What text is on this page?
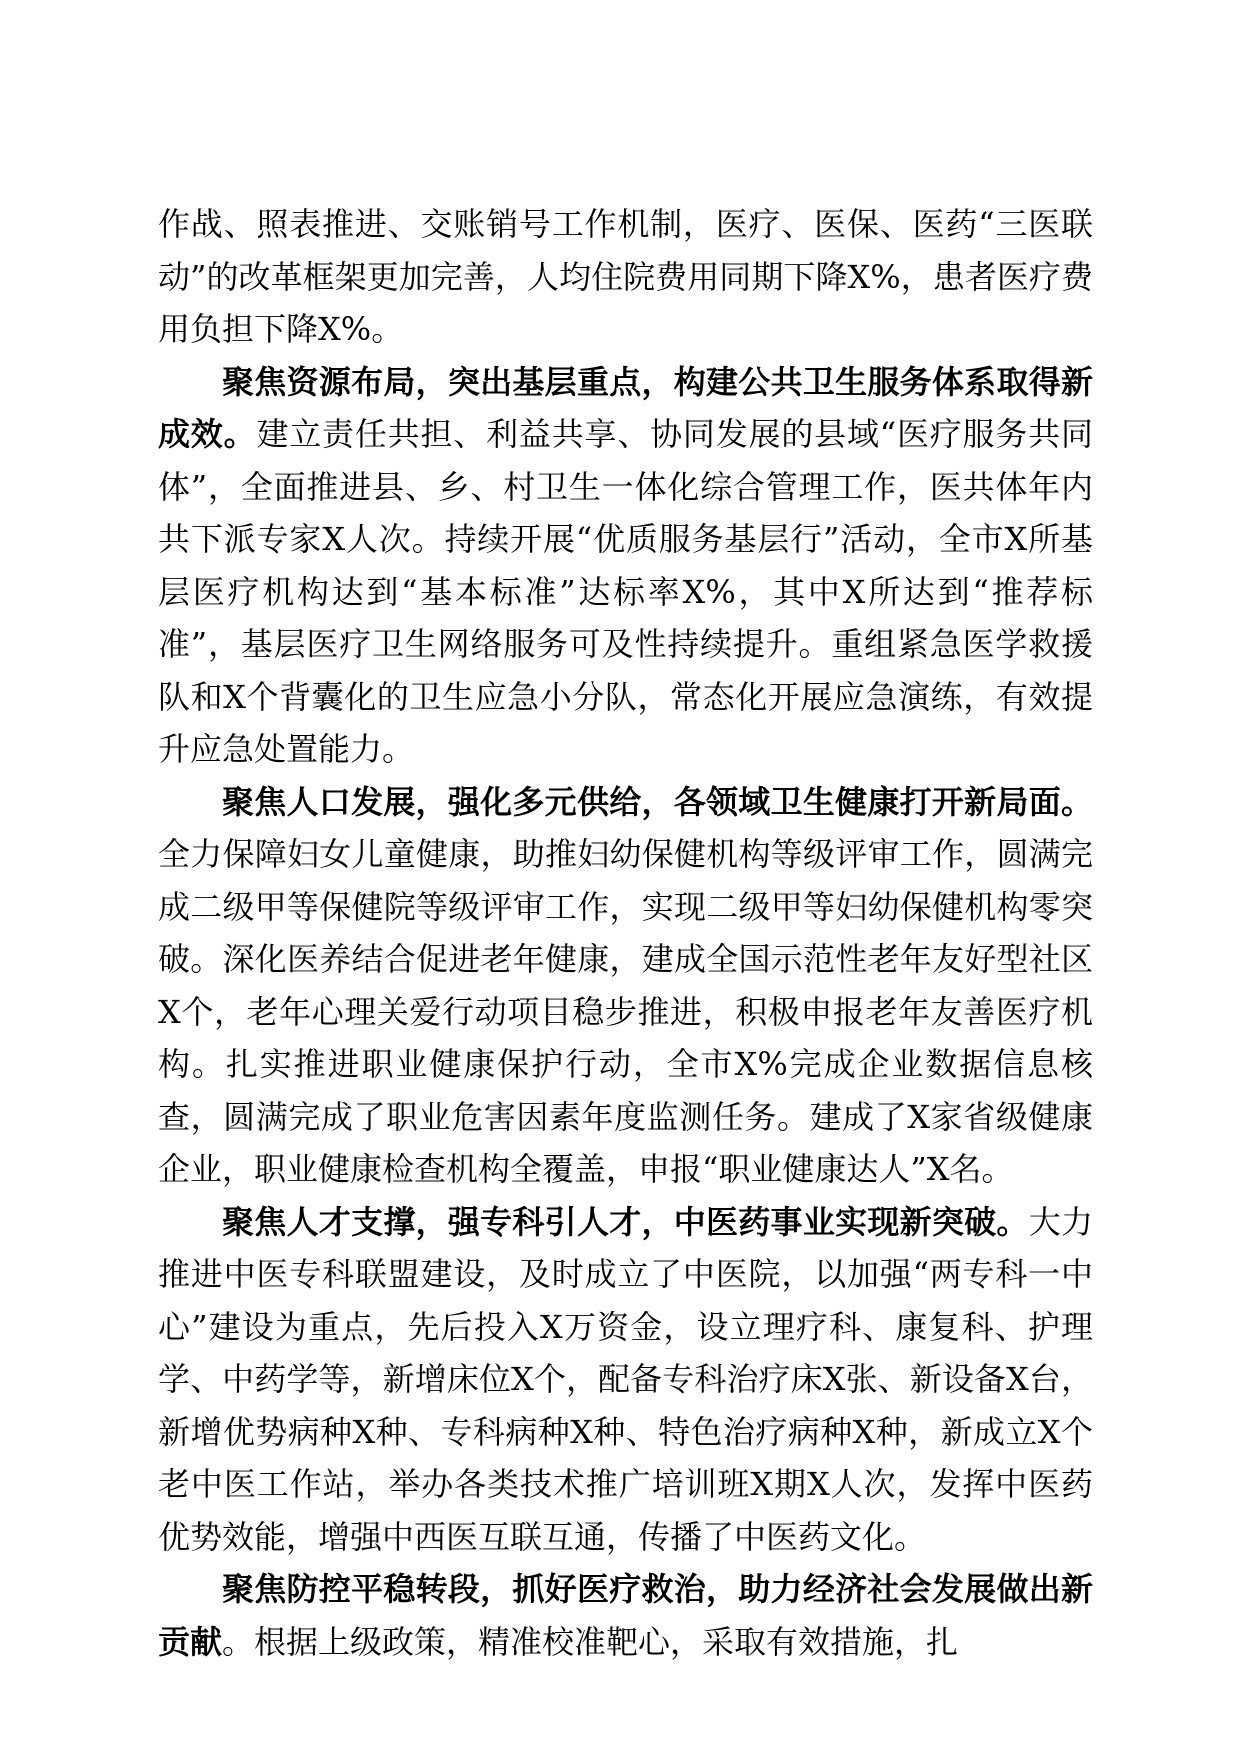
作战、照表推进、交账销号工作机制，医疗、医保、医药“三医联动”的改革框架更加完善，人均住院费用同期下降X%，患者医疗费用负担下降X%。

聚焦资源布局，突出基层重点，构建公共卫生服务体系取得新成效。建立责任共担、利益共享、协同发展的县域“医疗服务共同体”，全面推进县、乡、村卫生一体化综合管理工作，医共体年内共下派专家X人次。持续开展“优质服务基层行”活动，全市X所基层医疗机构达到“基本标准”达标率X%，其中X所达到“推荐标准”，基层医疗卫生网络服务可及性持续提升。重组紧急医学救援队和X个背囊化的卫生应急小分队，常态化开展应急演练，有效提升应急处置能力。

聚焦人口发展，强化多元供给，各领域卫生健康打开新局面。全力保障妇女儿童健康，助推妇幼保健机构等级评审工作，圆满完成二级甲等保健院等级评审工作，实现二级甲等妇幼保健机构零突破。深化医养结合促进老年健康，建成全国示范性老年友好型社区X个，老年心理关爱行动项目稳步推进，积极申报老年友善医疗机构。扎实推进职业健康保护行动，全市X%完成企业数据信息核查，圆满完成了职业危害因素年度监测任务。建成了X家省级健康企业，职业健康检查机构全覆盖，申报“职业健康达人”X名。

聚焦人才支撑，强专科引人才，中医药事业实现新突破。大力推进中医专科联盟建设，及时成立了中医院，以加强“两专科一中心”建设为重点，先后投入X万资金，设立理疗科、康复科、护理学、中药学等，新增床位X个，配备专科治疗床X张、新设备X台，新增优势病种X种、专科病种X种、特色治疗病种X种，新成立X个老中医工作站，举办各类技术推广培训班X期X人次，发挥中医药优势效能，增强中西医互联互通，传播了中医药文化。

聚焦防控平稳转段，抓好医疗救治，助力经济社会发展做出新贡献。根据上级政策，精准校准靶心，采取有效措施，扎
